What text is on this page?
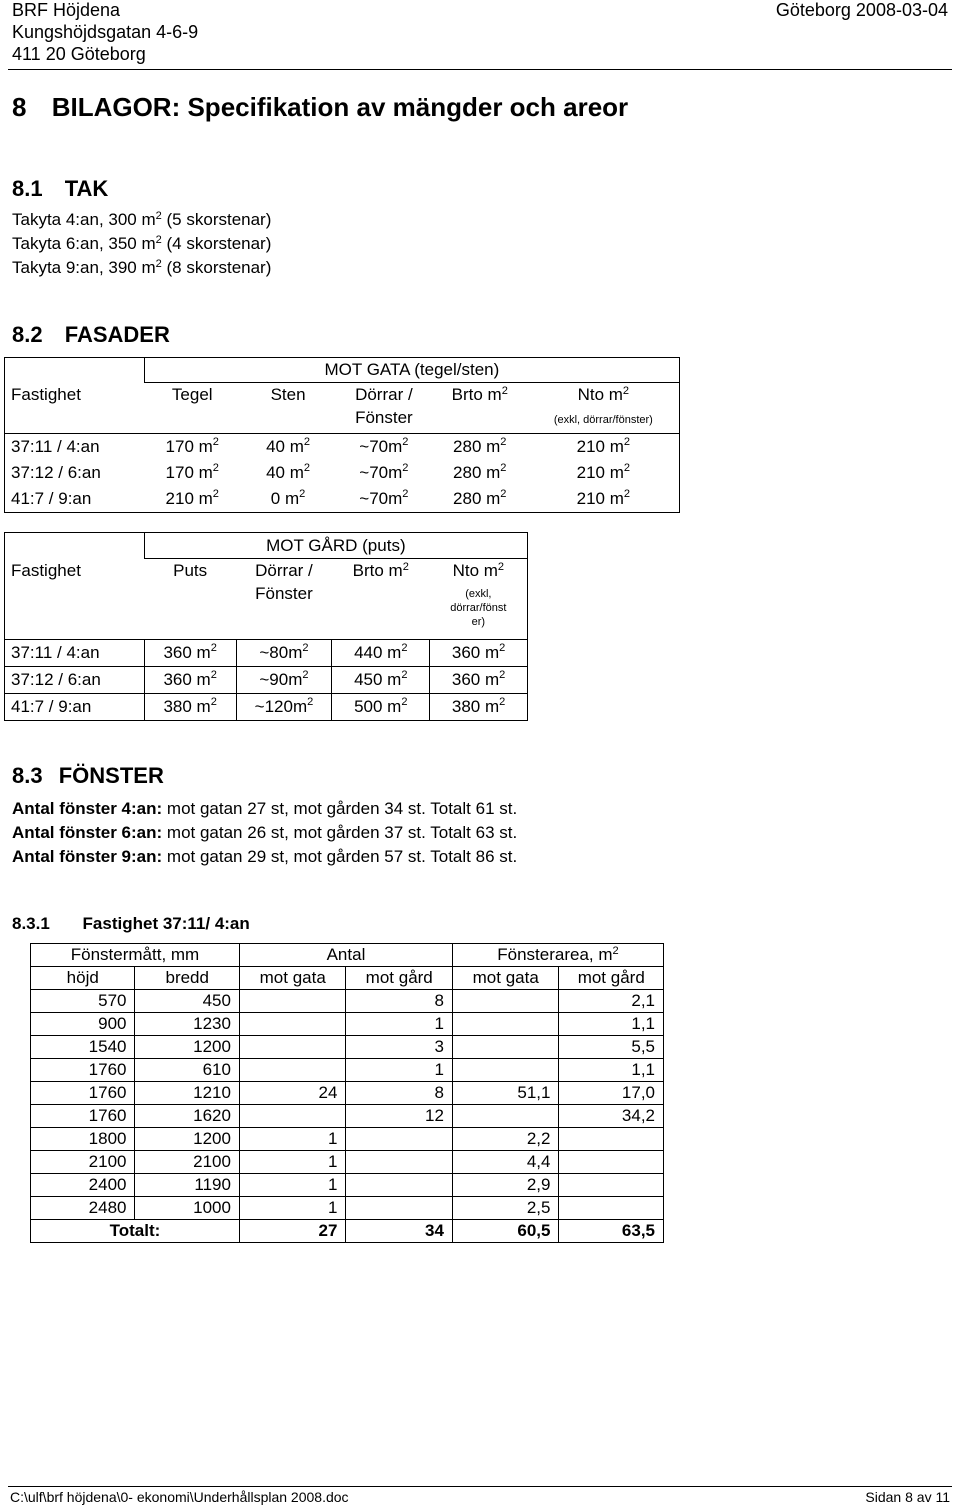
BRF Höjdena
Kungshöjdsgatan 4-6-9
411 20 Göteborg
Göteborg 2008-03-04
8 BILAGOR: Specifikation av mängder och areor
8.1 TAK
Takyta 4:an, 300 $m^2$ (5 skorstenar)
Takyta 6:an, 350 $m^2$ (4 skorstenar)
Takyta 9:an, 390 $m^2$ (8 skorstenar)
8.2 FASADER
	MOT GATA (tegel/sten)				
Fastighet	Tegel	Sten	Dörrar /	Brto $m^2$	Nto $m^2$
			Fönster		(exkl, dörrar/fönster)
37:11 / 4:an	170 $m^2$	40 $m^2$	$\sim 70m^2$	280 $m^2$	210 $m^2$
37:12 / 6:an	170 $m^2$	40 $m^2$	$\sim 70m^2$	280 $m^2$	210 $m^2$
41:7 / 9:an	210 $m^2$	0 $m^2$	$\sim 70m^2$	280 $m^2$	210 $m^2$
	MOT GÅRD (puts)			
Fastighet	Puts	Dörrar /	Brto $m^2$	Nto $m^2$
		Fönster		(exkl,
dörrar/fönst
er)

37:11 / 4:an	360 $m^2$	$\sim 80m^2$	440 $m^2$	360 $m^2$
37:12 / 6:an	360 $m^2$	$\sim 90m^2$	450 $m^2$	360 $m^2$
41:7 / 9:an	380 $m^2$	$\sim 120m^2$	500 $m^2$	380 $m^2$
8.3 FÖNSTER
Antal fönster 4:an: mot gatan 27 st, mot gården 34 st. Totalt 61 st.
Antal fönster 6:an: mot gatan 26 st, mot gården 37 st. Totalt 63 st.
Antal fönster 9:an: mot gatan 29 st, mot gården 57 st. Totalt 86 st.
8.3.1 Fastighet 37:11/ 4:an
Fönstermått, mm		Antal		Fönsterarea, $m^2$
höjd	bredd	mot gata	mot gård	mot gata	mot gård
570	450		8		2,1
900	1230		1		1,1
1540	1200		3		5,5
1760	610		1		1,1
1760	1210	24	8	51,1	17,0
1760	1620		12		34,2
1800	1200	1		2,2	
2100	2100	1		4,4	
2400	1190	1		2,9	
2480	1000	1		2,5	
Totalt:		27	34	60,5	63,5
C:\ulf\brf höjdena\0- ekonomi\Underhållsplan 2008.doc	Sidan 8 av 11
